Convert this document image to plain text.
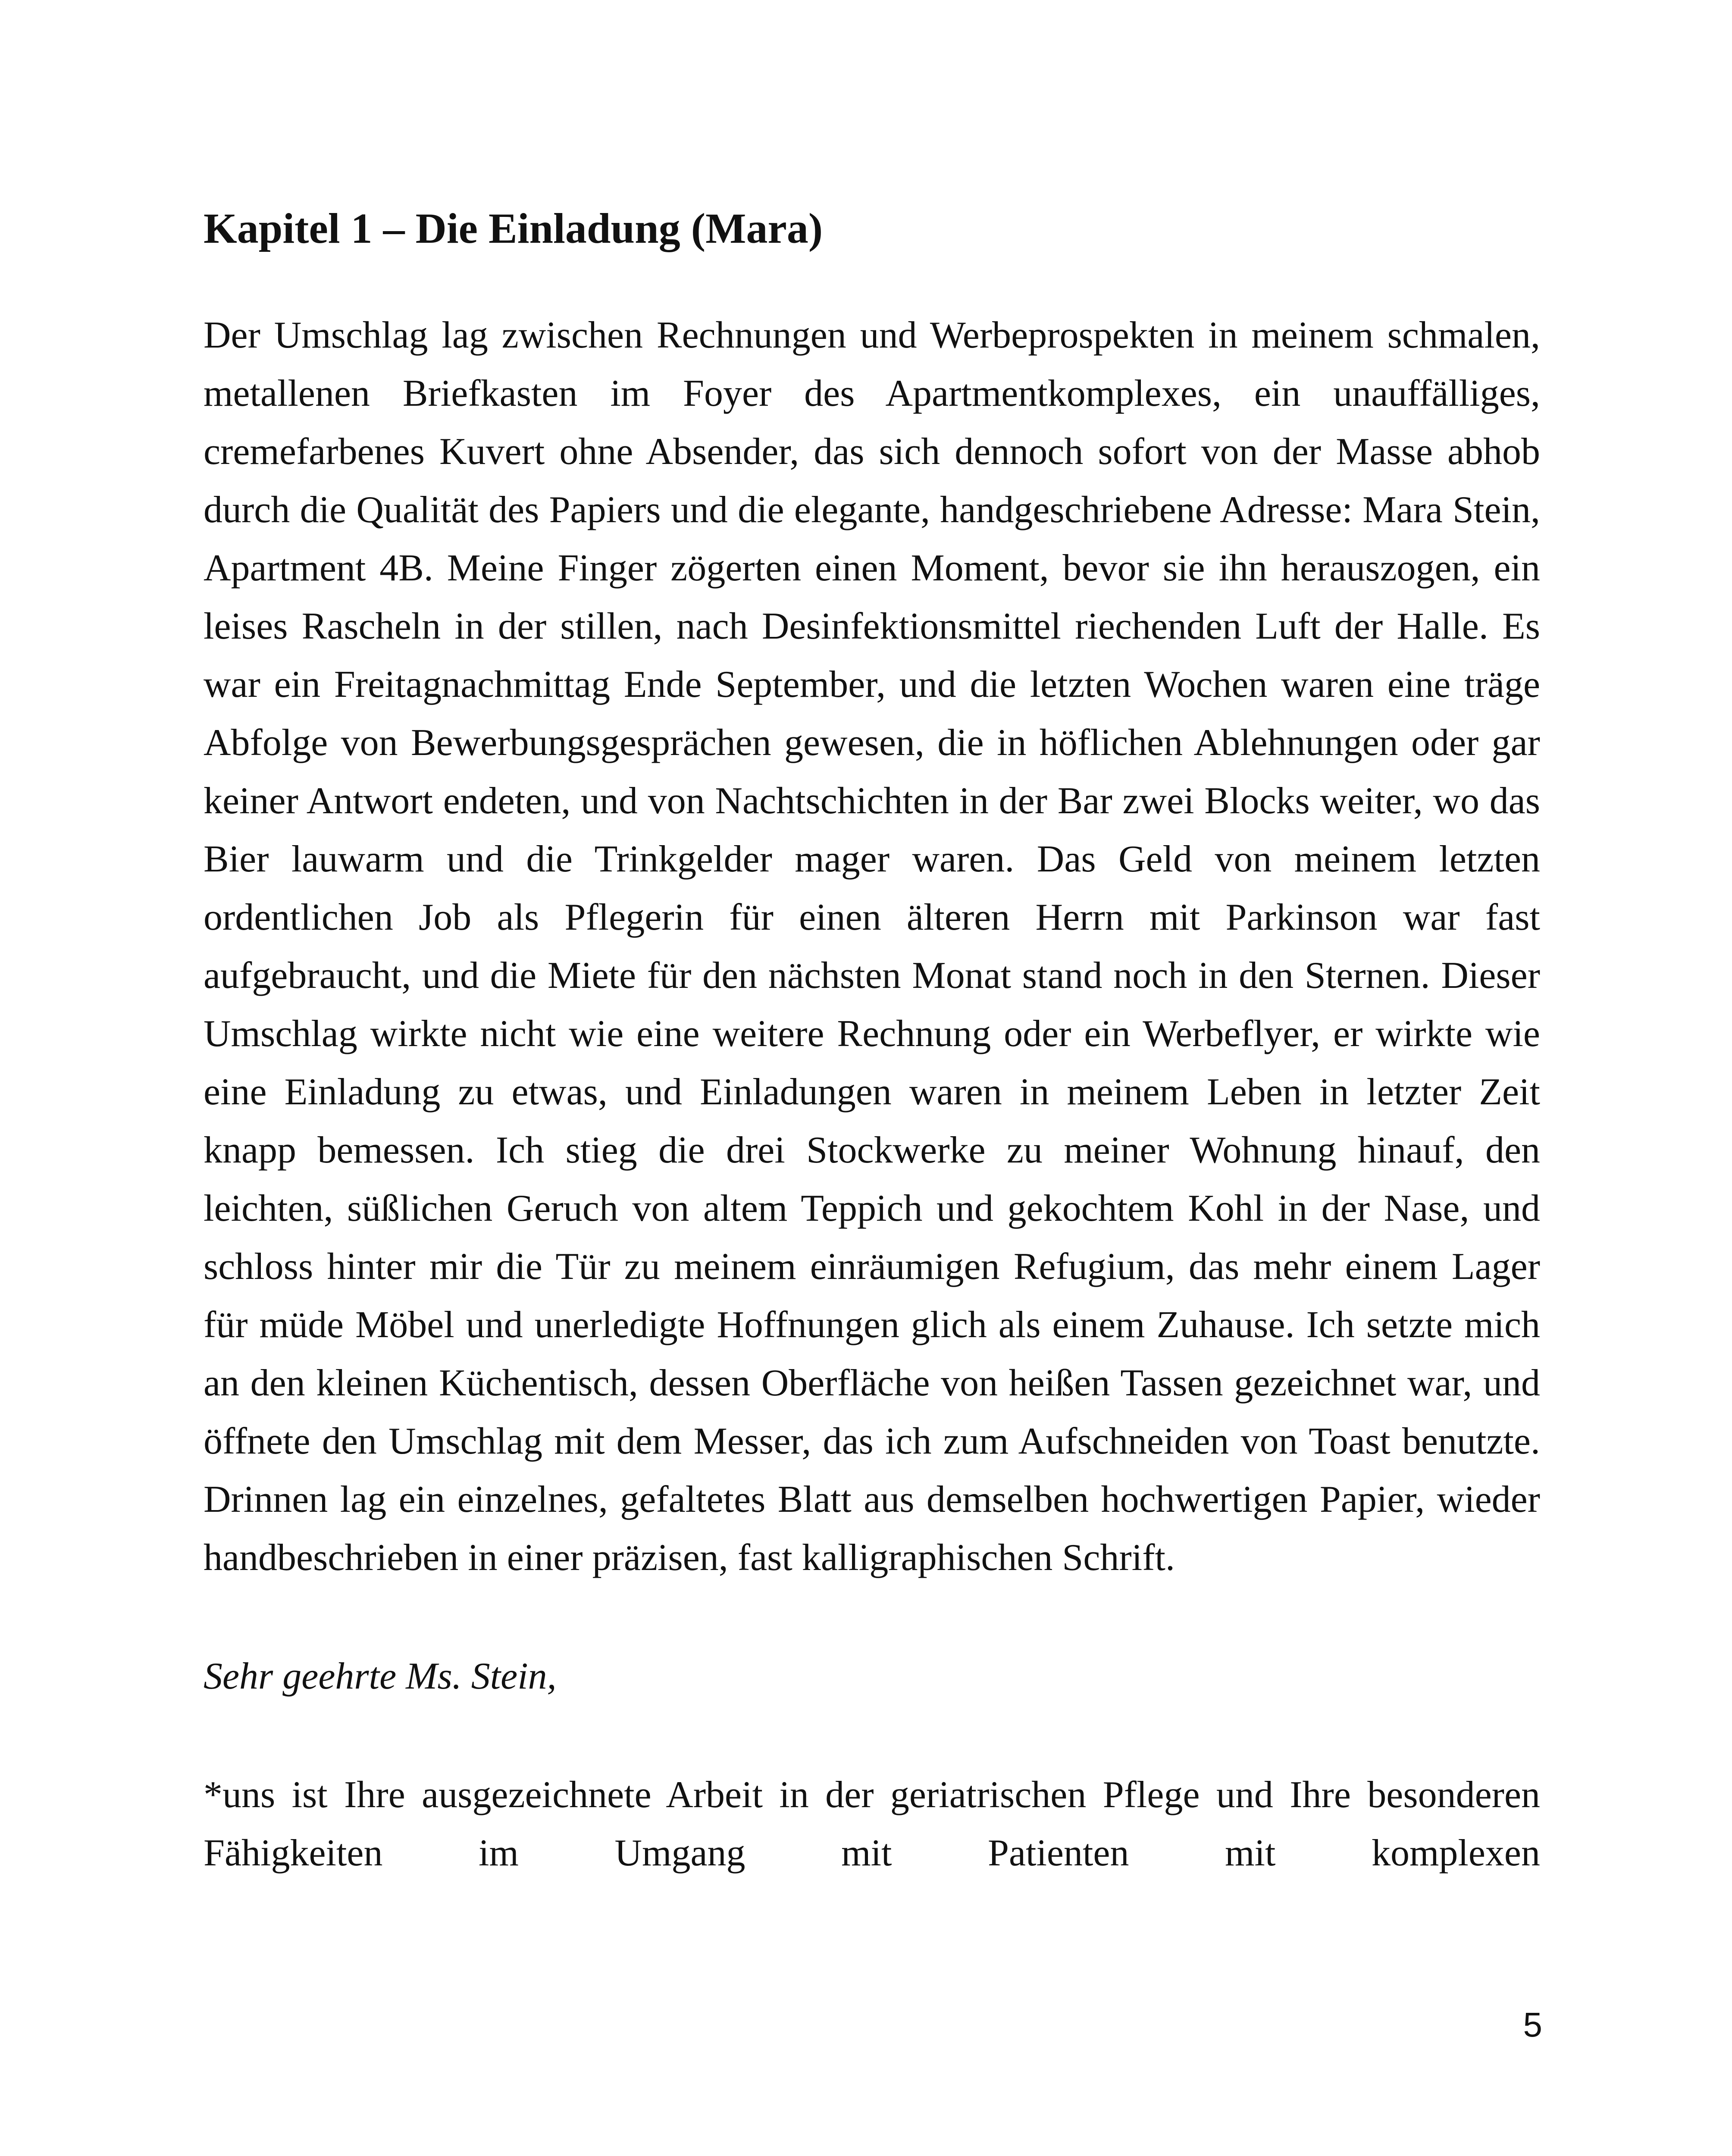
Kapitel 1 – Die Einladung (Mara)

Der Umschlag lag zwischen Rechnungen und Werbeprospekten in meinem schmalen, metallenen Briefkasten im Foyer des Apartmentkomplexes, ein unauffälliges, cremefarbenes Kuvert ohne Absender, das sich dennoch sofort von der Masse abhob durch die Qualität des Papiers und die elegante, handgeschriebene Adresse: Mara Stein, Apartment 4B. Meine Finger zögerten einen Moment, bevor sie ihn herauszogen, ein leises Rascheln in der stillen, nach Desinfektionsmittel riechenden Luft der Halle. Es war ein Freitagnachmittag Ende September, und die letzten Wochen waren eine träge Abfolge von Bewerbungsgesprächen gewesen, die in höflichen Ablehnungen oder gar keiner Antwort endeten, und von Nachtschichten in der Bar zwei Blocks weiter, wo das Bier lauwarm und die Trinkgelder mager waren. Das Geld von meinem letzten ordentlichen Job als Pflegerin für einen älteren Herrn mit Parkinson war fast aufgebraucht, und die Miete für den nächsten Monat stand noch in den Sternen. Dieser Umschlag wirkte nicht wie eine weitere Rechnung oder ein Werbeflyer, er wirkte wie eine Einladung zu etwas, und Einladungen waren in meinem Leben in letzter Zeit knapp bemessen. Ich stieg die drei Stockwerke zu meiner Wohnung hinauf, den leichten, süßlichen Geruch von altem Teppich und gekochtem Kohl in der Nase, und schloss hinter mir die Tür zu meinem einräumigen Refugium, das mehr einem Lager für müde Möbel und unerledigte Hoffnungen glich als einem Zuhause. Ich setzte mich an den kleinen Küchentisch, dessen Oberfläche von heißen Tassen gezeichnet war, und öffnete den Umschlag mit dem Messer, das ich zum Aufschneiden von Toast benutzte. Drinnen lag ein einzelnes, gefaltetes Blatt aus demselben hochwertigen Papier, wieder handbeschrieben in einer präzisen, fast kalligraphischen Schrift.

Sehr geehrte Ms. Stein,

*uns ist Ihre ausgezeichnete Arbeit in der geriatrischen Pflege und Ihre besonderen Fähigkeiten im Umgang mit Patienten mit komplexen

5
